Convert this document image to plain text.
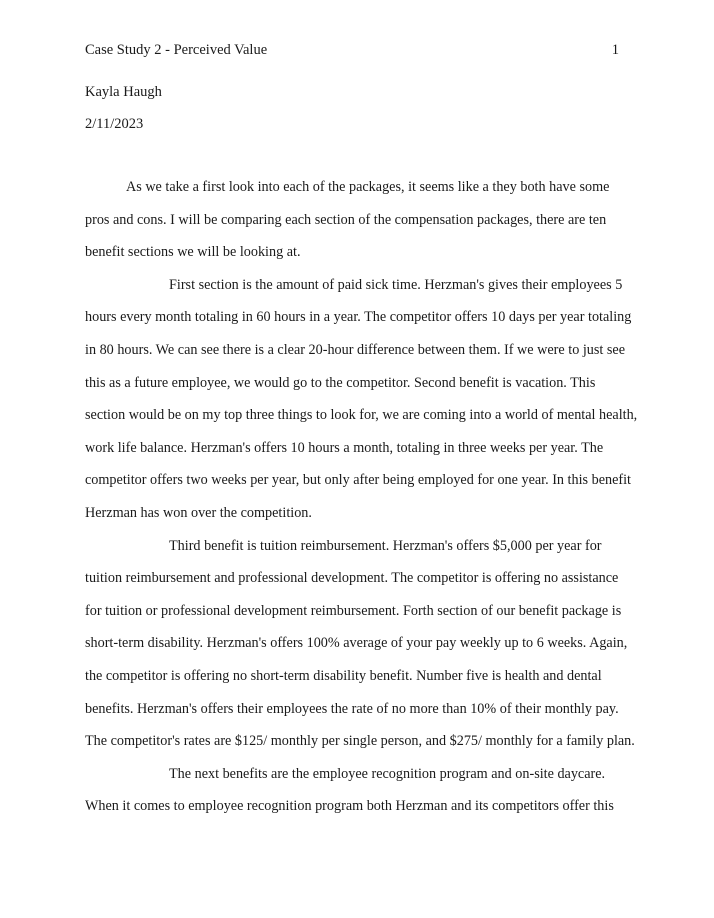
Case Study 2 - Perceived Value	1
Kayla Haugh
2/11/2023
As we take a first look into each of the packages, it seems like a they both have some
pros and cons. I will be comparing each section of the compensation packages, there are ten
benefit sections we will be looking at.
First section is the amount of paid sick time. Herzman's gives their employees 5
hours every month totaling in 60 hours in a year. The competitor offers 10 days per year totaling
in 80 hours. We can see there is a clear 20-hour difference between them. If we were to just see
this as a future employee, we would go to the competitor. Second benefit is vacation. This
section would be on my top three things to look for, we are coming into a world of mental health,
work life balance. Herzman's offers 10 hours a month, totaling in three weeks per year. The
competitor offers two weeks per year, but only after being employed for one year. In this benefit
Herzman has won over the competition.
Third benefit is tuition reimbursement. Herzman's offers $5,000 per year for
tuition reimbursement and professional development. The competitor is offering no assistance
for tuition or professional development reimbursement. Forth section of our benefit package is
short-term disability. Herzman's offers 100% average of your pay weekly up to 6 weeks. Again,
the competitor is offering no short-term disability benefit. Number five is health and dental
benefits. Herzman's offers their employees the rate of no more than 10% of their monthly pay.
The competitor's rates are $125/ monthly per single person, and $275/ monthly for a family plan.
The next benefits are the employee recognition program and on-site daycare.
When it comes to employee recognition program both Herzman and its competitors offer this
